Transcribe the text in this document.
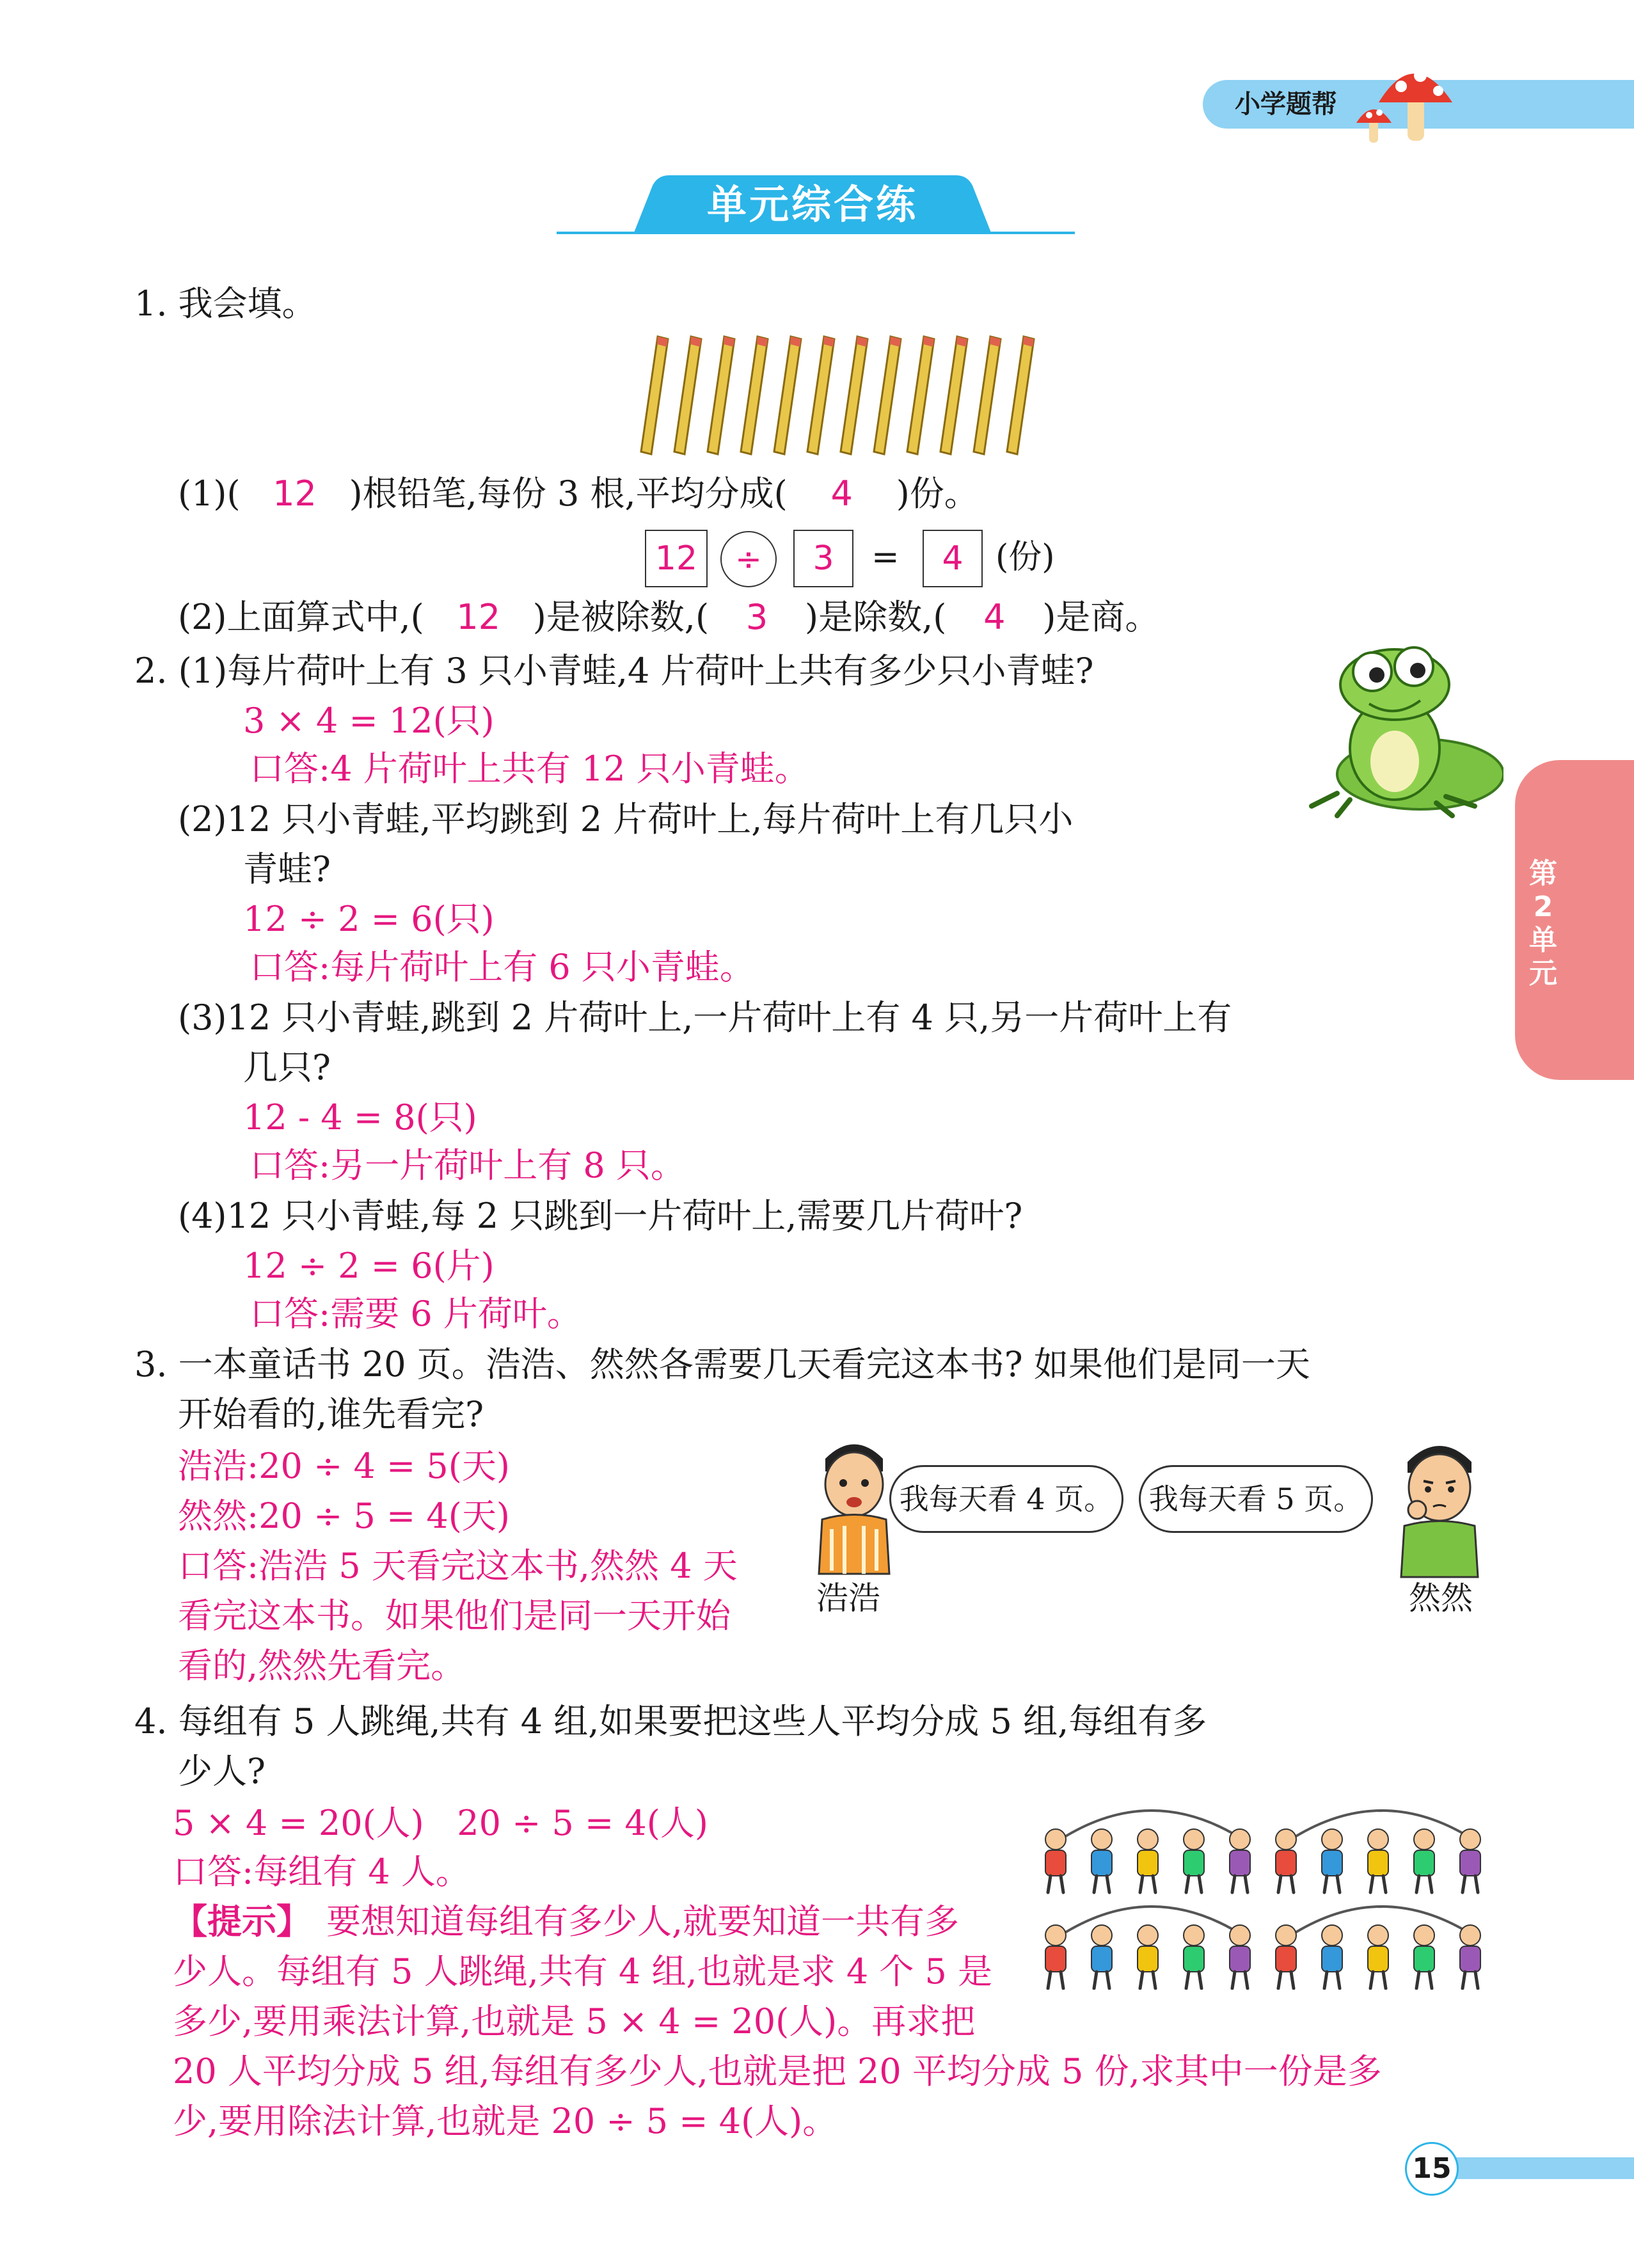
小学题帮
单元综合练
第2单元
1. 我会填。
(1)( 12 )根铅笔,每份 3 根,平均分成( 4 )份。
12	÷	3	=	4 (份)
(2)上面算式中,( 12 )是被除数,( 3 )是除数,( 4 )是商。
2. (1)每片荷叶上有 3 只小青蛙,4 片荷叶上共有多少只小青蛙?
3 × 4 = 12(只)
口答:4 片荷叶上共有 12 只小青蛙。
(2)12 只小青蛙,平均跳到 2 片荷叶上,每片荷叶上有几只小
青蛙?
12 ÷ 2 = 6(只)
口答:每片荷叶上有 6 只小青蛙。
(3)12 只小青蛙,跳到 2 片荷叶上,一片荷叶上有 4 只,另一片荷叶上有
几只?
12 - 4 = 8(只)
口答:另一片荷叶上有 8 只。
(4)12 只小青蛙,每 2 只跳到一片荷叶上,需要几片荷叶?
12 ÷ 2 = 6(片)
口答:需要 6 片荷叶。
3. 一本童话书 20 页。浩浩、然然各需要几天看完这本书? 如果他们是同一天
开始看的,谁先看完?
浩浩:20 ÷ 4 = 5(天)
然然:20 ÷ 5 = 4(天)
口答:浩浩 5 天看完这本书,然然 4 天
看完这本书。如果他们是同一天开始
看的,然然先看完。
我每天看 4 页。	我每天看 5 页。
浩浩	然然
4. 每组有 5 人跳绳,共有 4 组,如果要把这些人平均分成 5 组,每组有多
少人?
5 × 4 = 20(人)   20 ÷ 5 = 4(人)
口答:每组有 4 人。
【提示】 要想知道每组有多少人,就要知道一共有多
少人。每组有 5 人跳绳,共有 4 组,也就是求 4 个 5 是
多少,要用乘法计算,也就是 5 × 4 = 20(人)。再求把
20 人平均分成 5 组,每组有多少人,也就是把 20 平均分成 5 份,求其中一份是多
少,要用除法计算,也就是 20 ÷ 5 = 4(人)。
15
